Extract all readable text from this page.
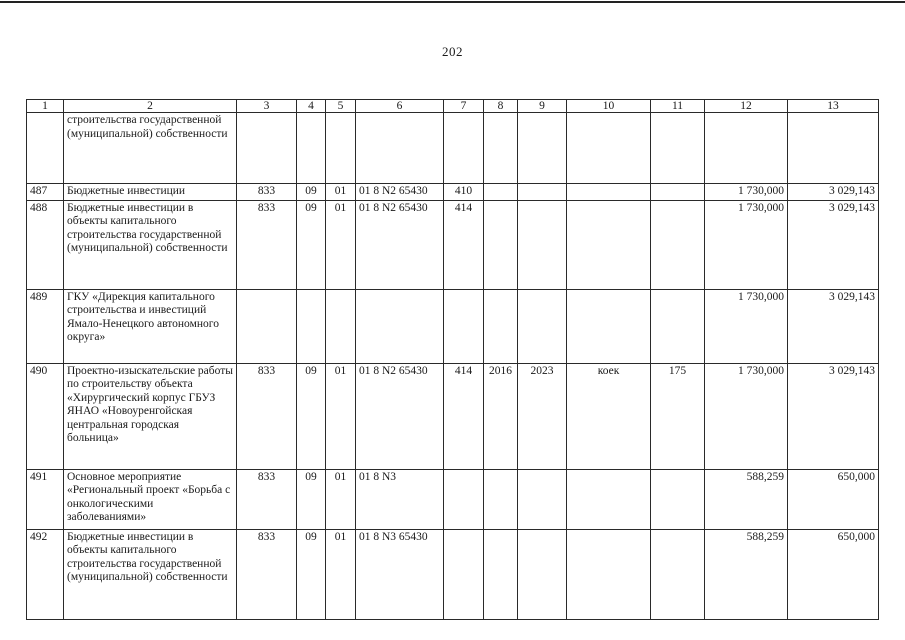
202
1	2	3	4	5	6	7	8	9	10	11	12	13
	строительства государственной (муниципальной) собственности											
487	Бюджетные инвестиции	833	09	01	01 8 N2 65430	410					1 730,000	3 029,143
488	Бюджетные инвестиции в объекты капитального строительства государственной (муниципальной) собственности	833	09	01	01 8 N2 65430	414					1 730,000	3 029,143
489	ГКУ «Дирекция капитального строительства и инвестиций Ямало-Ненецкого автономного округа»										1 730,000	3 029,143
490	Проектно-изыскательские работы по строительству объекта «Хирургический корпус ГБУЗ ЯНАО «Новоуренгойская центральная городская больница»	833	09	01	01 8 N2 65430	414	2016	2023	коек	175	1 730,000	3 029,143
491	Основное мероприятие «Региональный проект «Борьба с онкологическими заболеваниями»	833	09	01	01 8 N3						588,259	650,000
492	Бюджетные инвестиции в объекты капитального строительства государственной (муниципальной) собственности	833	09	01	01 8 N3 65430						588,259	650,000
